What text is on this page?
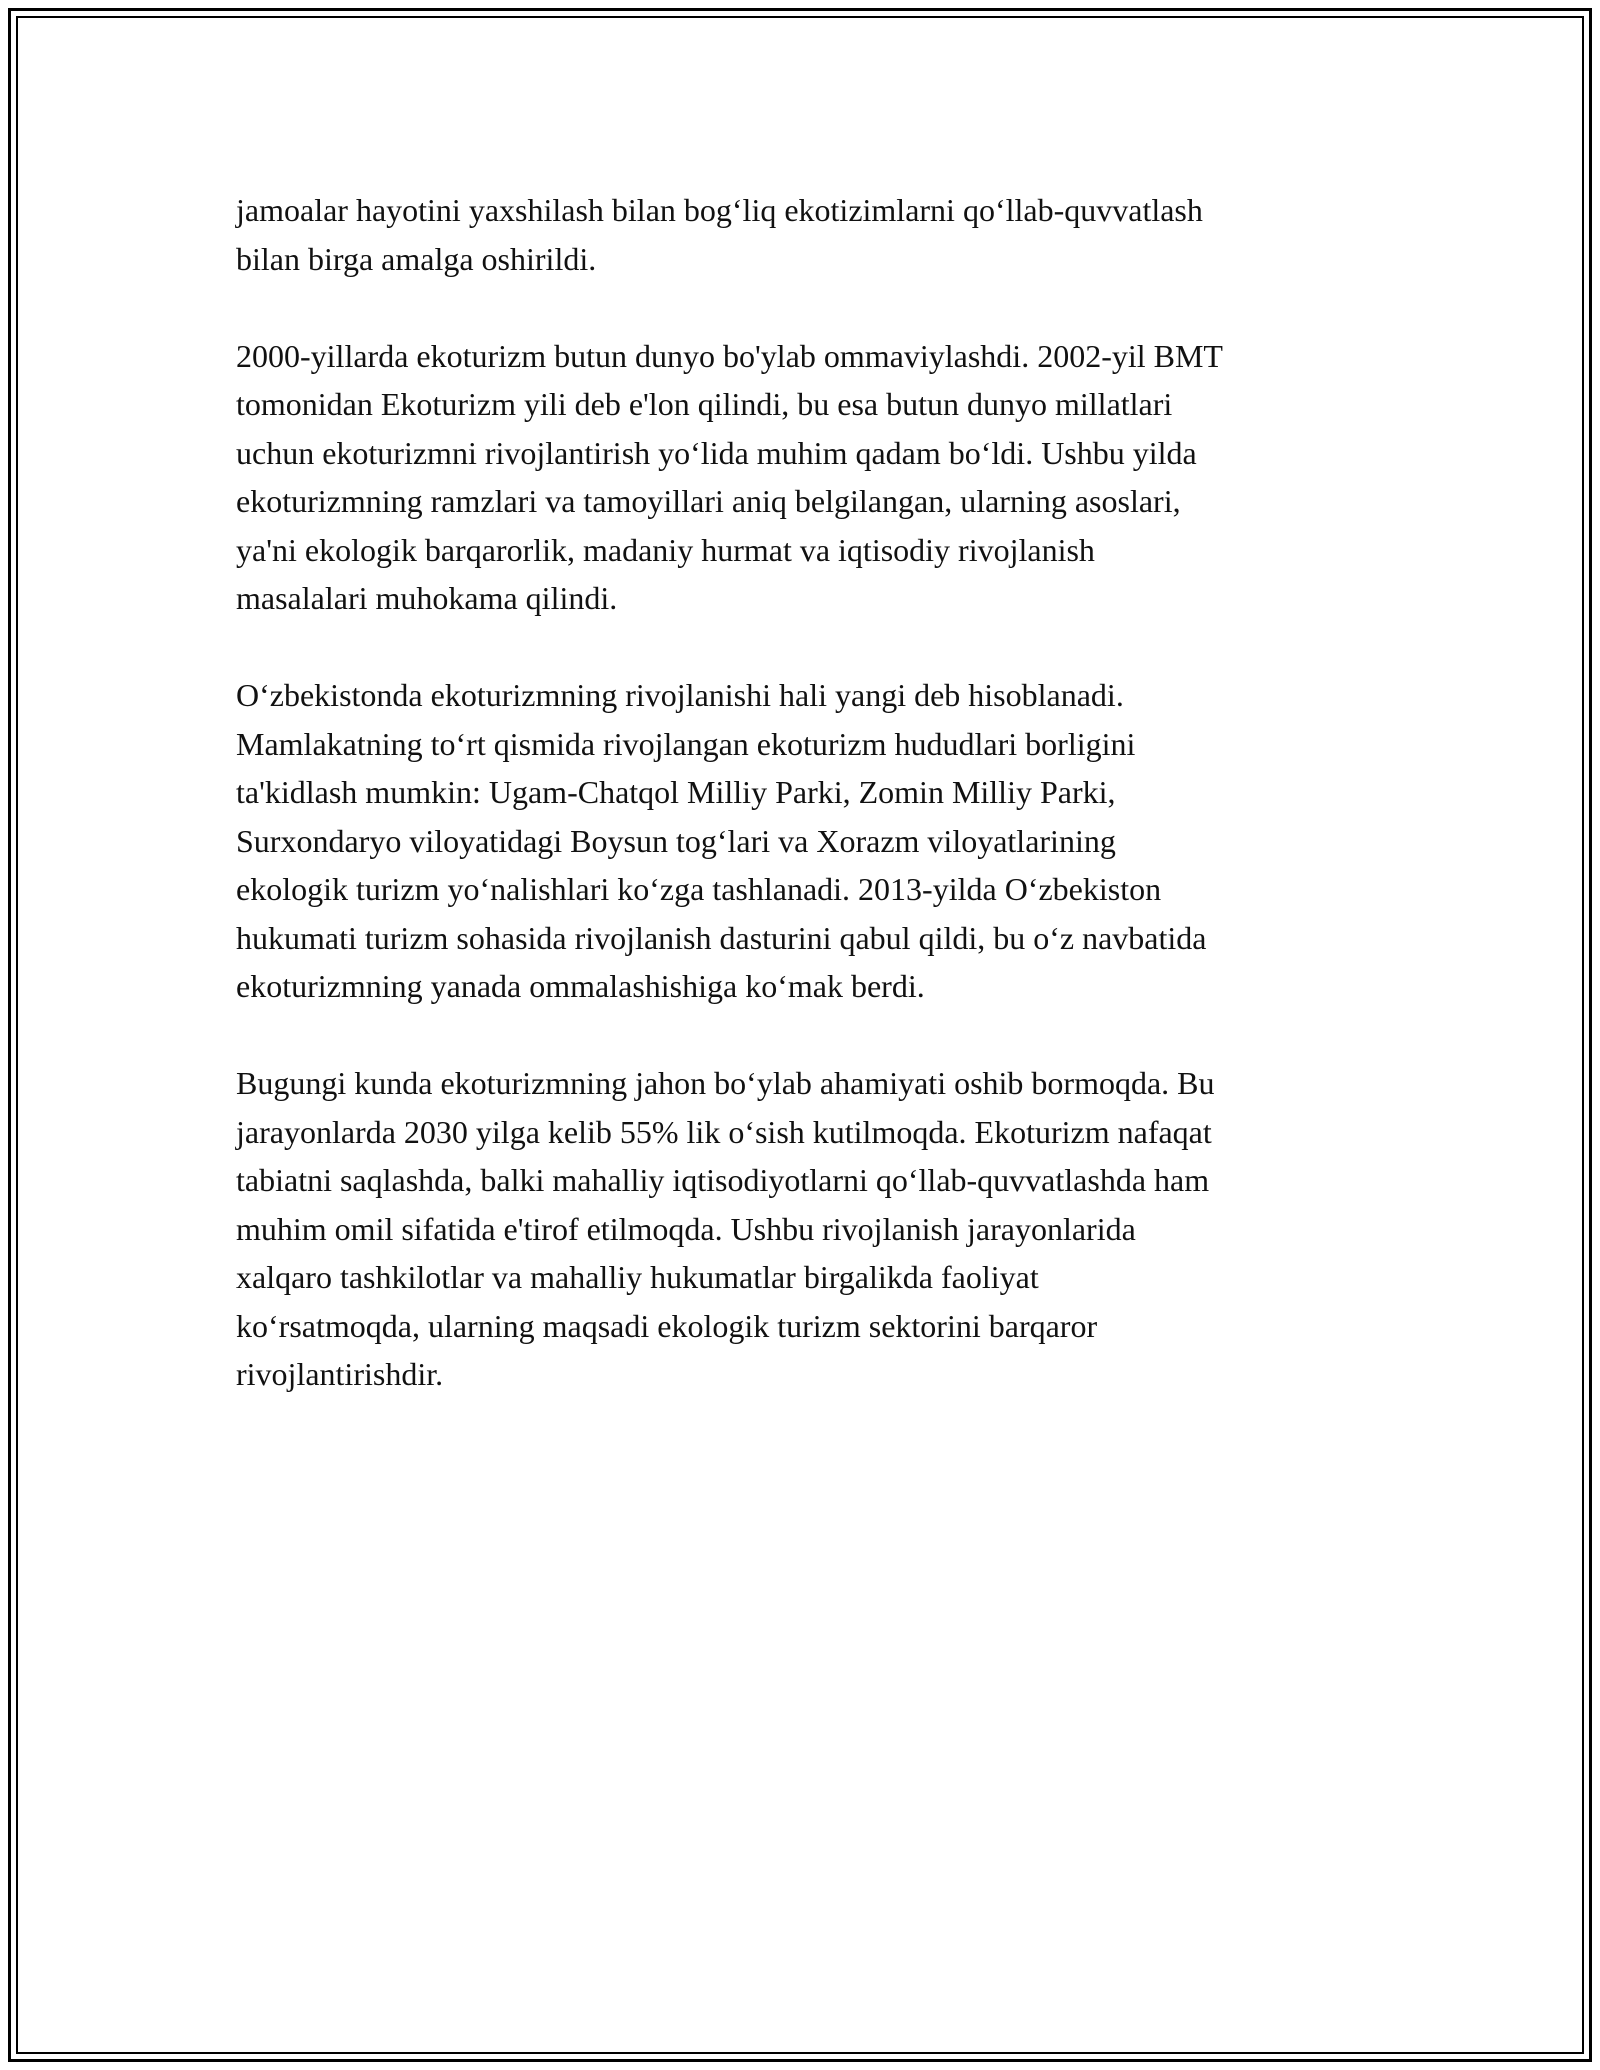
jamoalar hayotini yaxshilash bilan bog‘liq ekotizimlarni qo‘llab-quvvatlash
bilan birga amalga oshirildi.

2000-yillarda ekoturizm butun dunyo bo'ylab ommaviylashdi. 2002-yil BMT
tomonidan Ekoturizm yili deb e'lon qilindi, bu esa butun dunyo millatlari
uchun ekoturizmni rivojlantirish yo‘lida muhim qadam bo‘ldi. Ushbu yilda
ekoturizmning ramzlari va tamoyillari aniq belgilangan, ularning asoslari,
ya'ni ekologik barqarorlik, madaniy hurmat va iqtisodiy rivojlanish
masalalari muhokama qilindi.

O‘zbekistonda ekoturizmning rivojlanishi hali yangi deb hisoblanadi.
Mamlakatning to‘rt qismida rivojlangan ekoturizm hududlari borligini
ta'kidlash mumkin: Ugam-Chatqol Milliy Parki, Zomin Milliy Parki,
Surxondaryo viloyatidagi Boysun tog‘lari va Xorazm viloyatlarining
ekologik turizm yo‘nalishlari ko‘zga tashlanadi. 2013-yilda O‘zbekiston
hukumati turizm sohasida rivojlanish dasturini qabul qildi, bu o‘z navbatida
ekoturizmning yanada ommalashishiga ko‘mak berdi.

Bugungi kunda ekoturizmning jahon bo‘ylab ahamiyati oshib bormoqda. Bu
jarayonlarda 2030 yilga kelib 55% lik o‘sish kutilmoqda. Ekoturizm nafaqat
tabiatni saqlashda, balki mahalliy iqtisodiyotlarni qo‘llab-quvvatlashda ham
muhim omil sifatida e'tirof etilmoqda. Ushbu rivojlanish jarayonlarida
xalqaro tashkilotlar va mahalliy hukumatlar birgalikda faoliyat
ko‘rsatmoqda, ularning maqsadi ekologik turizm sektorini barqaror
rivojlantirishdir.
